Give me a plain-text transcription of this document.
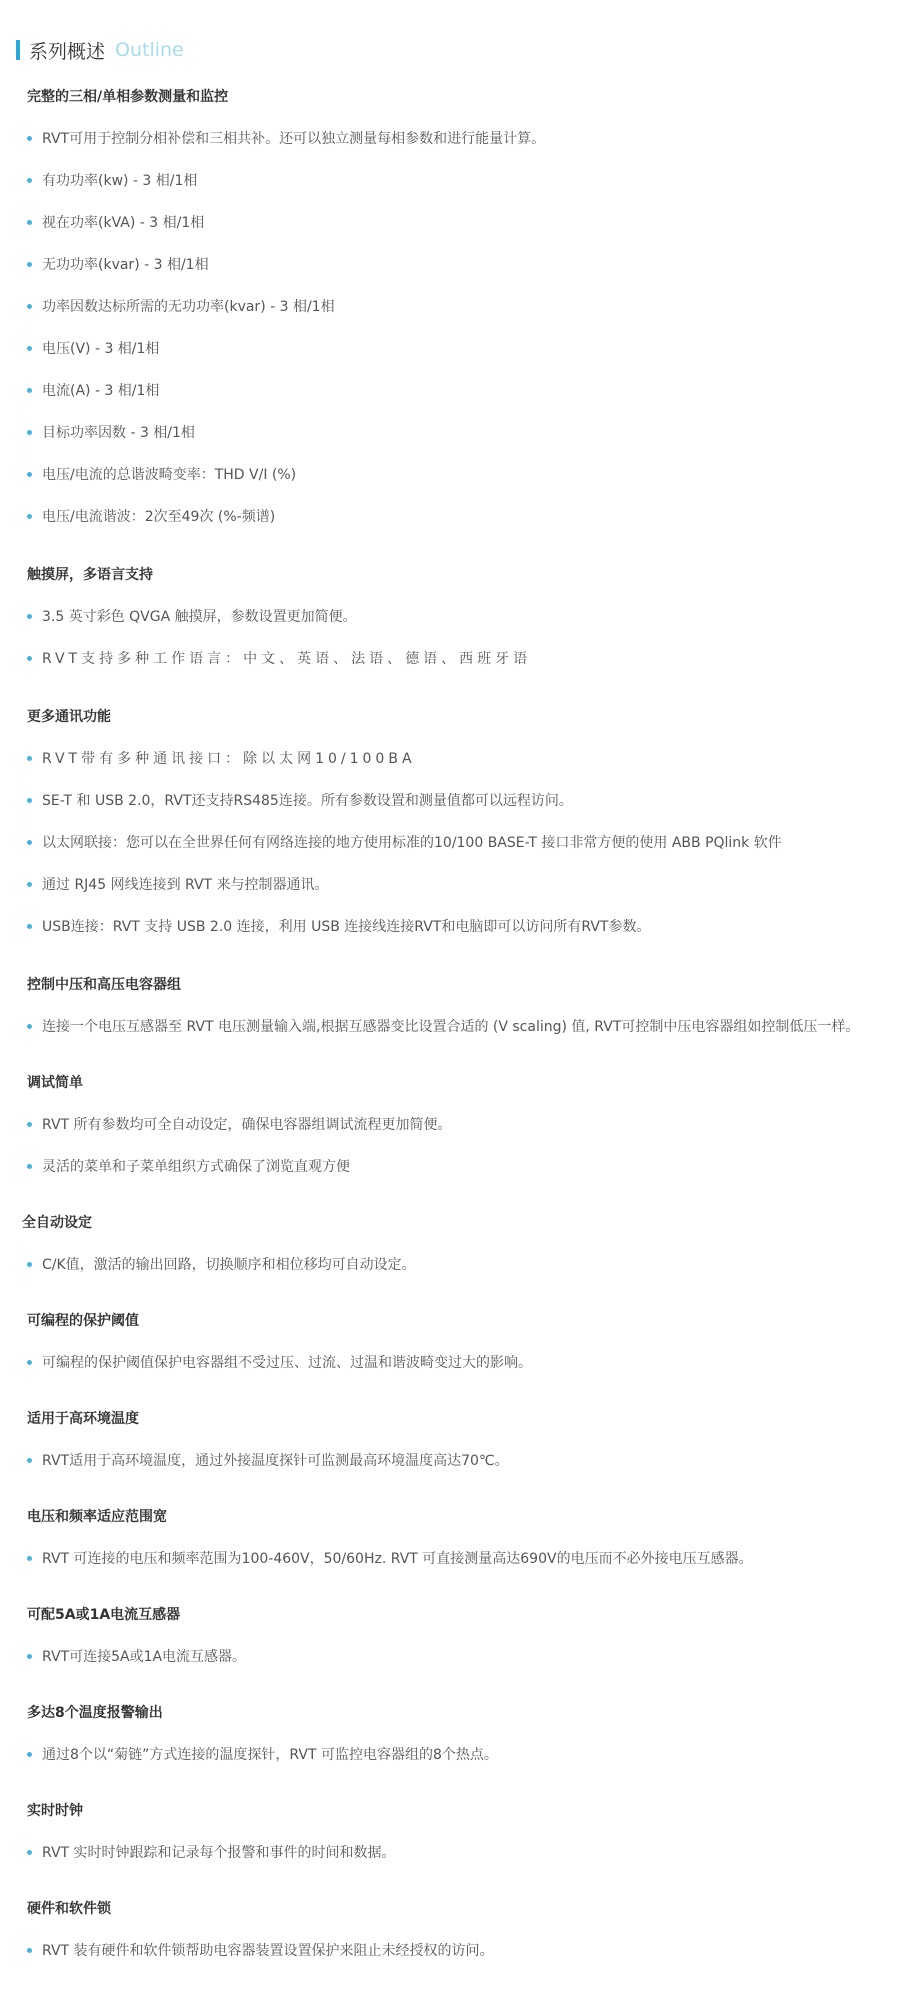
系列概述 Outline
完整的三相/单相参数测量和监控
RVT可用于控制分相补偿和三相共补。还可以独立测量每相参数和进行能量计算。
有功功率(kw) - 3 相/1相
视在功率(kVA) - 3 相/1相
无功功率(kvar) - 3 相/1相
功率因数达标所需的无功功率(kvar) - 3 相/1相
电压(V) - 3 相/1相
电流(A) - 3 相/1相
目标功率因数 - 3 相/1相
电压/电流的总谐波畸变率：THD V/I (%)
电压/电流谐波：2次至49次 (%-频谱)
触摸屏，多语言支持
3.5 英寸彩色 QVGA 触摸屏，参数设置更加简便。
RVT支持多种工作语言：中文、英语、法语、德语、西班牙语
更多通讯功能
RVT带有多种通讯接口：除以太网10/100BA
SE-T 和 USB 2.0，RVT还支持RS485连接。所有参数设置和测量值都可以远程访问。
以太网联接：您可以在全世界任何有网络连接的地方使用标准的10/100 BASE-T 接口非常方便的使用 ABB PQlink 软件
通过 RJ45 网线连接到 RVT 来与控制器通讯。
USB连接：RVT 支持 USB 2.0 连接，利用 USB 连接线连接RVT和电脑即可以访问所有RVT参数。
控制中压和高压电容器组
连接一个电压互感器至 RVT 电压测量输入端,根据互感器变比设置合适的 (V scaling) 值, RVT可控制中压电容器组如控制低压一样。
调试简单
RVT 所有参数均可全自动设定，确保电容器组调试流程更加简便。
灵活的菜单和子菜单组织方式确保了浏览直观方便
全自动设定
C/K值，激活的输出回路，切换顺序和相位移均可自动设定。
可编程的保护阈值
可编程的保护阈值保护电容器组不受过压、过流、过温和谐波畸变过大的影响。
适用于高环境温度
RVT适用于高环境温度，通过外接温度探针可监测最高环境温度高达70℃。
电压和频率适应范围宽
RVT 可连接的电压和频率范围为100-460V，50/60Hz. RVT 可直接测量高达690V的电压而不必外接电压互感器。
可配5A或1A电流互感器
RVT可连接5A或1A电流互感器。
多达8个温度报警输出
通过8个以“菊链”方式连接的温度探针，RVT 可监控电容器组的8个热点。
实时时钟
RVT 实时时钟跟踪和记录每个报警和事件的时间和数据。
硬件和软件锁
RVT 装有硬件和软件锁帮助电容器装置设置保护来阻止未经授权的访问。
